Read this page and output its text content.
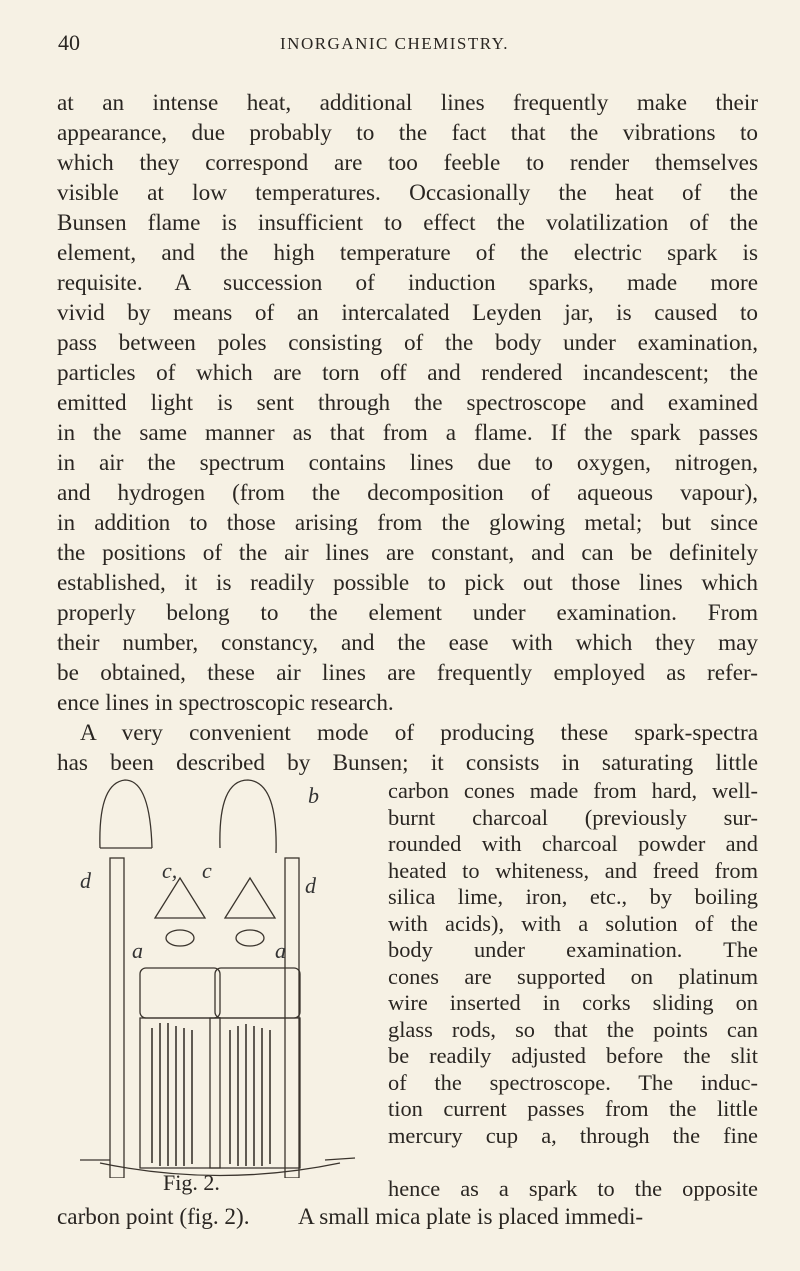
40	INORGANIC CHEMISTRY.
at an intense heat, additional lines frequently make their
appearance, due probably to the fact that the vibrations to
which they correspond are too feeble to render themselves
visible at low temperatures. Occasionally the heat of the
Bunsen flame is insufficient to effect the volatilization of the
element, and the high temperature of the electric spark is
requisite. A succession of induction sparks, made more
vivid by means of an intercalated Leyden jar, is caused to
pass between poles consisting of the body under examination,
particles of which are torn off and rendered incandescent; the
emitted light is sent through the spectroscope and examined
in the same manner as that from a flame. If the spark passes
in air the spectrum contains lines due to oxygen, nitrogen,
and hydrogen (from the decomposition of aqueous vapour),
in addition to those arising from the glowing metal; but since
the positions of the air lines are constant, and can be definitely
established, it is readily possible to pick out those lines which
properly belong to the element under examination. From
their number, constancy, and the ease with which they may
be obtained, these air lines are frequently employed as refer-
ence lines in spectroscopic research.
A very convenient mode of producing these spark-spectra
has been described by Bunsen; it consists in saturating little
carbon cones made from hard, well-
burnt charcoal (previously sur-
rounded with charcoal powder and
heated to whiteness, and freed from
silica lime, iron, etc., by boiling
with acids), with a solution of the
body under examination. The
cones are supported on platinum
wire inserted in corks sliding on
glass rods, so that the points can
be readily adjusted before the slit
of the spectroscope. The induc-
tion current passes from the little
mercury cup a, through the fine
hence as a spark to the opposite
d	d
b
c, c
a	a
Fig. 2.
carbon point (fig. 2). A small mica plate is placed immedi-
